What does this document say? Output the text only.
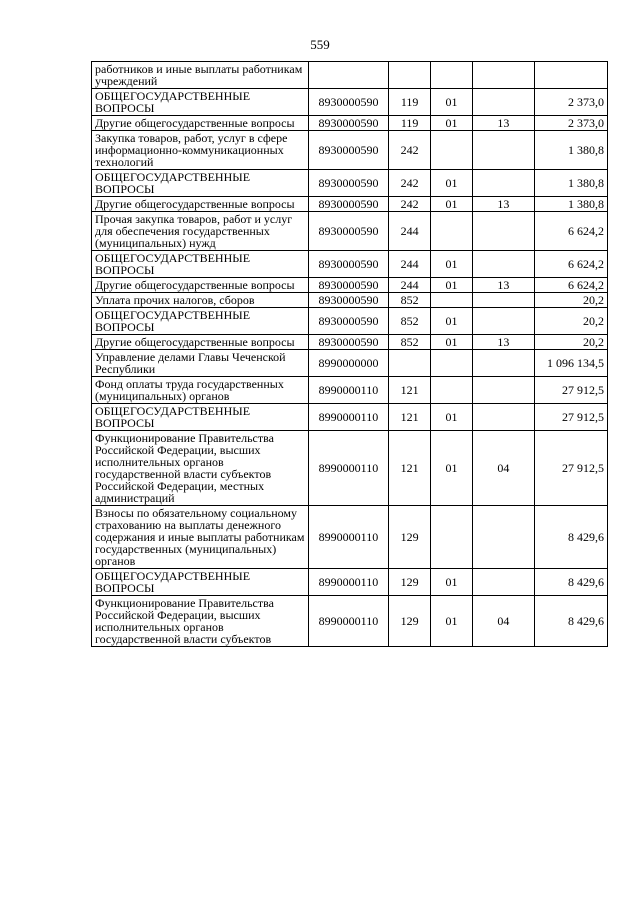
559
работников и иные выплаты работникам учреждений					
ОБЩЕГОСУДАРСТВЕННЫЕ ВОПРОСЫ	8930000590	119	01		2 373,0
Другие общегосударственные вопросы	8930000590	119	01	13	2 373,0
Закупка товаров, работ, услуг в сфере информационно-коммуникационных технологий	8930000590	242			1 380,8
ОБЩЕГОСУДАРСТВЕННЫЕ ВОПРОСЫ	8930000590	242	01		1 380,8
Другие общегосударственные вопросы	8930000590	242	01	13	1 380,8
Прочая закупка товаров, работ и услуг для обеспечения государственных (муниципальных) нужд	8930000590	244			6 624,2
ОБЩЕГОСУДАРСТВЕННЫЕ ВОПРОСЫ	8930000590	244	01		6 624,2
Другие общегосударственные вопросы	8930000590	244	01	13	6 624,2
Уплата прочих налогов, сборов	8930000590	852			20,2
ОБЩЕГОСУДАРСТВЕННЫЕ ВОПРОСЫ	8930000590	852	01		20,2
Другие общегосударственные вопросы	8930000590	852	01	13	20,2
Управление делами Главы Чеченской Республики	8990000000				1 096 134,5
Фонд оплаты труда государственных (муниципальных) органов	8990000110	121			27 912,5
ОБЩЕГОСУДАРСТВЕННЫЕ ВОПРОСЫ	8990000110	121	01		27 912,5
Функционирование Правительства Российской Федерации, высших исполнительных органов государственной власти субъектов Российской Федерации, местных администраций	8990000110	121	01	04	27 912,5
Взносы по обязательному социальному страхованию на выплаты денежного содержания и иные выплаты работникам государственных (муниципальных) органов	8990000110	129			8 429,6
ОБЩЕГОСУДАРСТВЕННЫЕ ВОПРОСЫ	8990000110	129	01		8 429,6
Функционирование Правительства Российской Федерации, высших исполнительных органов государственной власти субъектов	8990000110	129	01	04	8 429,6
